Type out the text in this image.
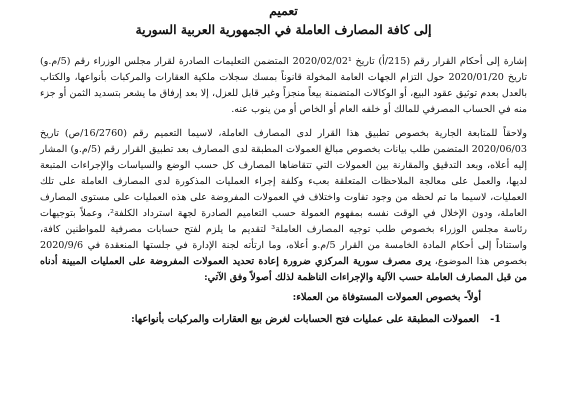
تعميم
إلى كافة المصارف العاملة في الجمهورية العربية السورية

إشارة إلى أحكام القرار رقم (215/أ) تاريخ 2020/02/02¹ المتضمن التعليمات الصادرة لقرار مجلس الوزراء رقم (5/م.و) تاريخ 2020/01/20 حول التزام الجهات العامة المخولة قانوناً بمسك سجلات ملكية العقارات والمركبات بأنواعها، والكتاب بالعدل بعدم توثيق عقود البيع، أو الوكالات المتضمنة بيعاً منجزاً وغير قابل للعزل، إلا بعد إرفاق ما يشعر بتسديد الثمن أو جزء منه في الحساب المصرفي للمالك أو خلفه العام أو الخاص أو من ينوب عنه.

ولاحقاً للمتابعة الجارية بخصوص تطبيق هذا القرار لدى المصارف العاملة، لاسيما التعميم رقم (16/2760/ص) تاريخ 2020/06/03 المتضمن طلب بيانات بخصوص مبالغ العمولات المطبقة لدى المصارف بعد تطبيق القرار رقم (5/م.و) المشار إليه أعلاه، وبعد التدقيق والمقارنة بين العمولات التي تتقاضاها المصارف كل حسب الوضع والسياسات والإجراءات المتبعة لديها، والعمل على معالجة الملاحظات المتعلقة بعبء وكلفة إجراء العمليات المذكورة لدى المصارف العاملة على تلك العمليات، لاسيما ما تم لحظه من وجود تفاوت واختلاف في العمولات المفروضة على هذه العمليات على مستوى المصارف العاملة، ودون الإخلال في الوقت نفسه بمفهوم العمولة حسب التعاميم الصادرة لجهة استرداد الكلفة²، وعملاً بتوجيهات رئاسة مجلس الوزراء بخصوص طلب توجيه المصارف العاملة³ لتقديم ما يلزم لفتح حسابات مصرفية للمواطنين كافة، واستناداً إلى أحكام المادة الخامسة من القرار 5/م.و أعلاه، وما ارتأته لجنة الإدارة في جلستها المنعقدة في 2020/9/6 بخصوص هذا الموضوع، يرى مصرف سورية المركزي ضرورة إعادة تحديد العمولات المفروضة على العمليات المبينة أدناه من قبل المصارف العاملة حسب الآلية والإجراءات الناظمة لذلك أصولاً وفق الآتي:

أولاً- بخصوص العمولات المستوفاة من العملاء:
1-العمولات المطبقة على عمليات فتح الحسابات لغرض بيع العقارات والمركبات بأنواعها:
